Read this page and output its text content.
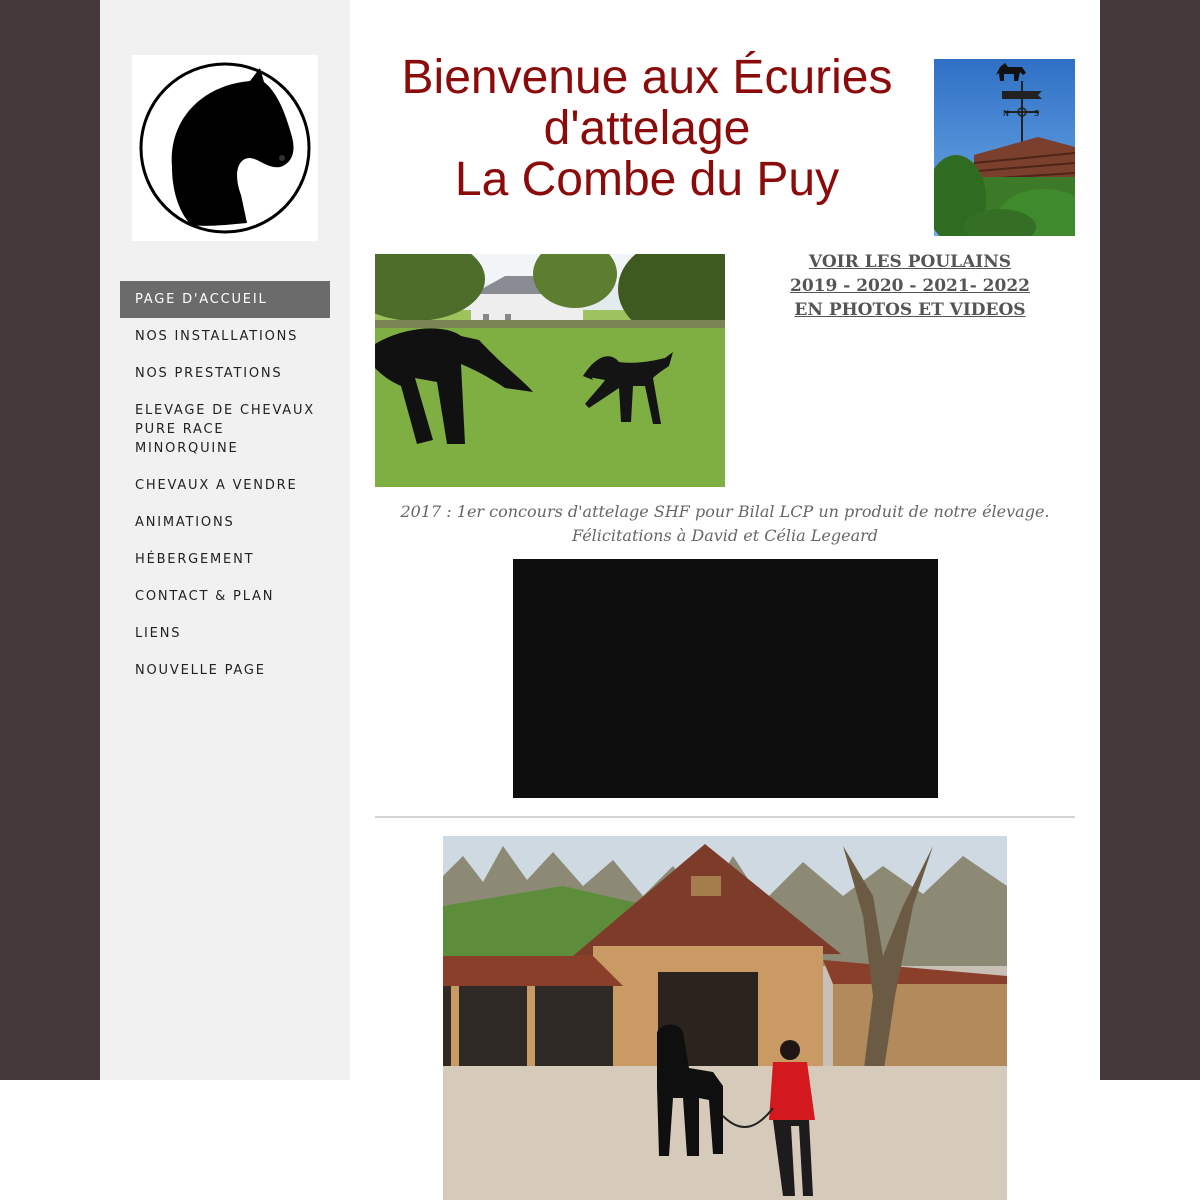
PAGE D'ACCUEIL
NOS INSTALLATIONS
NOS PRESTATIONS
ELEVAGE DE CHEVAUX PURE RACE MINORQUINE
CHEVAUX A VENDRE
ANIMATIONS
HÉBERGEMENT
CONTACT & PLAN
LIENS
NOUVELLE PAGE
Bienvenue aux Écuries
d'attelage
La Combe du Puy
N	S
VOIR LES POULAINS
2019 - 2020 - 2021- 2022
EN PHOTOS ET VIDEOS
2017 : 1er concours d'attelage SHF pour Bilal LCP un produit de notre élevage.
Félicitations à David et Célia Legeard
